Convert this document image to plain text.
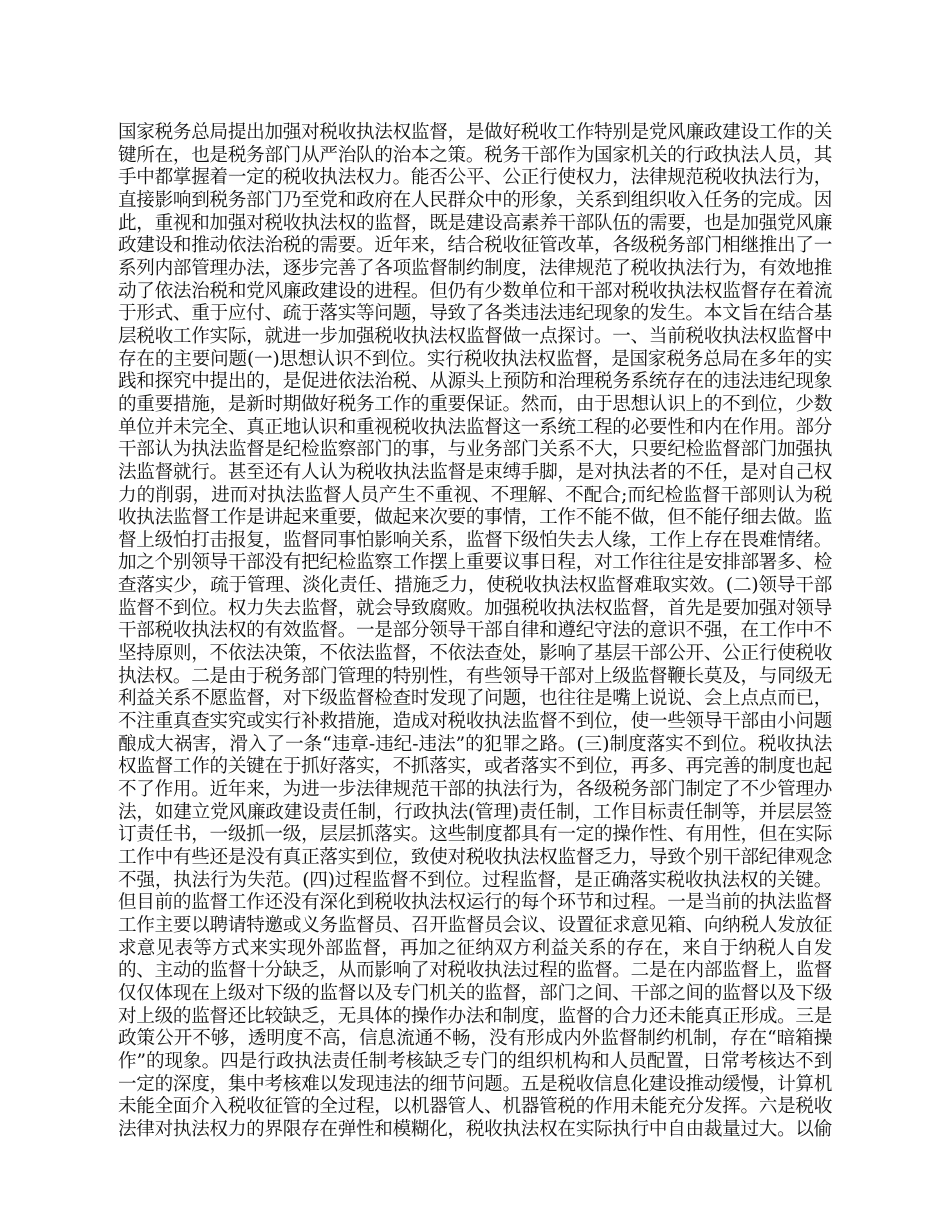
国家税务总局提出加强对税收执法权监督，是做好税收工作特别是党风廉政建设工作的关键所在，也是税务部门从严治队的治本之策。税务干部作为国家机关的行政执法人员，其手中都掌握着一定的税收执法权力。能否公平、公正行使权力，法律规范税收执法行为，直接影响到税务部门乃至党和政府在人民群众中的形象，关系到组织收入任务的完成。因此，重视和加强对税收执法权的监督，既是建设高素养干部队伍的需要，也是加强党风廉政建设和推动依法治税的需要。近年来，结合税收征管改革，各级税务部门相继推出了一系列内部管理办法，逐步完善了各项监督制约制度，法律规范了税收执法行为，有效地推动了依法治税和党风廉政建设的进程。但仍有少数单位和干部对税收执法权监督存在着流于形式、重于应付、疏于落实等问题，导致了各类违法违纪现象的发生。本文旨在结合基层税收工作实际，就进一步加强税收执法权监督做一点探讨。一、当前税收执法权监督中存在的主要问题(一)思想认识不到位。实行税收执法权监督，是国家税务总局在多年的实践和探究中提出的，是促进依法治税、从源头上预防和治理税务系统存在的违法违纪现象的重要措施，是新时期做好税务工作的重要保证。然而，由于思想认识上的不到位，少数单位并未完全、真正地认识和重视税收执法监督这一系统工程的必要性和内在作用。部分干部认为执法监督是纪检监察部门的事，与业务部门关系不大，只要纪检监督部门加强执法监督就行。甚至还有人认为税收执法监督是束缚手脚，是对执法者的不任，是对自己权力的削弱，进而对执法监督人员产生不重视、不理解、不配合;而纪检监督干部则认为税收执法监督工作是讲起来重要，做起来次要的事情，工作不能不做，但不能仔细去做。监督上级怕打击报复，监督同事怕影响关系，监督下级怕失去人缘，工作上存在畏难情绪。加之个别领导干部没有把纪检监察工作摆上重要议事日程，对工作往往是安排部署多、检查落实少，疏于管理、淡化责任、措施乏力，使税收执法权监督难取实效。(二)领导干部监督不到位。权力失去监督，就会导致腐败。加强税收执法权监督，首先是要加强对领导干部税收执法权的有效监督。一是部分领导干部自律和遵纪守法的意识不强，在工作中不坚持原则，不依法决策，不依法监督，不依法查处，影响了基层干部公开、公正行使税收执法权。二是由于税务部门管理的特别性，有些领导干部对上级监督鞭长莫及，与同级无利益关系不愿监督，对下级监督检查时发现了问题，也往往是嘴上说说、会上点点而已，不注重真查实究或实行补救措施，造成对税收执法监督不到位，使一些领导干部由小问题酿成大祸害，滑入了一条“违章-违纪-违法”的犯罪之路。(三)制度落实不到位。税收执法权监督工作的关键在于抓好落实，不抓落实，或者落实不到位，再多、再完善的制度也起不了作用。近年来，为进一步法律规范干部的执法行为，各级税务部门制定了不少管理办法，如建立党风廉政建设责任制，行政执法(管理)责任制，工作目标责任制等，并层层签订责任书，一级抓一级，层层抓落实。这些制度都具有一定的操作性、有用性，但在实际工作中有些还是没有真正落实到位，致使对税收执法权监督乏力，导致个别干部纪律观念不强，执法行为失范。(四)过程监督不到位。过程监督，是正确落实税收执法权的关键。但目前的监督工作还没有深化到税收执法权运行的每个环节和过程。一是当前的执法监督工作主要以聘请特邀或义务监督员、召开监督员会议、设置征求意见箱、向纳税人发放征求意见表等方式来实现外部监督，再加之征纳双方利益关系的存在，来自于纳税人自发的、主动的监督十分缺乏，从而影响了对税收执法过程的监督。二是在内部监督上，监督仅仅体现在上级对下级的监督以及专门机关的监督，部门之间、干部之间的监督以及下级对上级的监督还比较缺乏，无具体的操作办法和制度，监督的合力还未能真正形成。三是政策公开不够，透明度不高，信息流通不畅，没有形成内外监督制约机制，存在“暗箱操作”的现象。四是行政执法责任制考核缺乏专门的组织机构和人员配置，日常考核达不到一定的深度，集中考核难以发现违法的细节问题。五是税收信息化建设推动缓慢，计算机未能全面介入税收征管的全过程，以机器管人、机器管税的作用未能充分发挥。六是税收法律对执法权力的界限存在弹性和模糊化，税收执法权在实际执行中自由裁量过大。以偷
